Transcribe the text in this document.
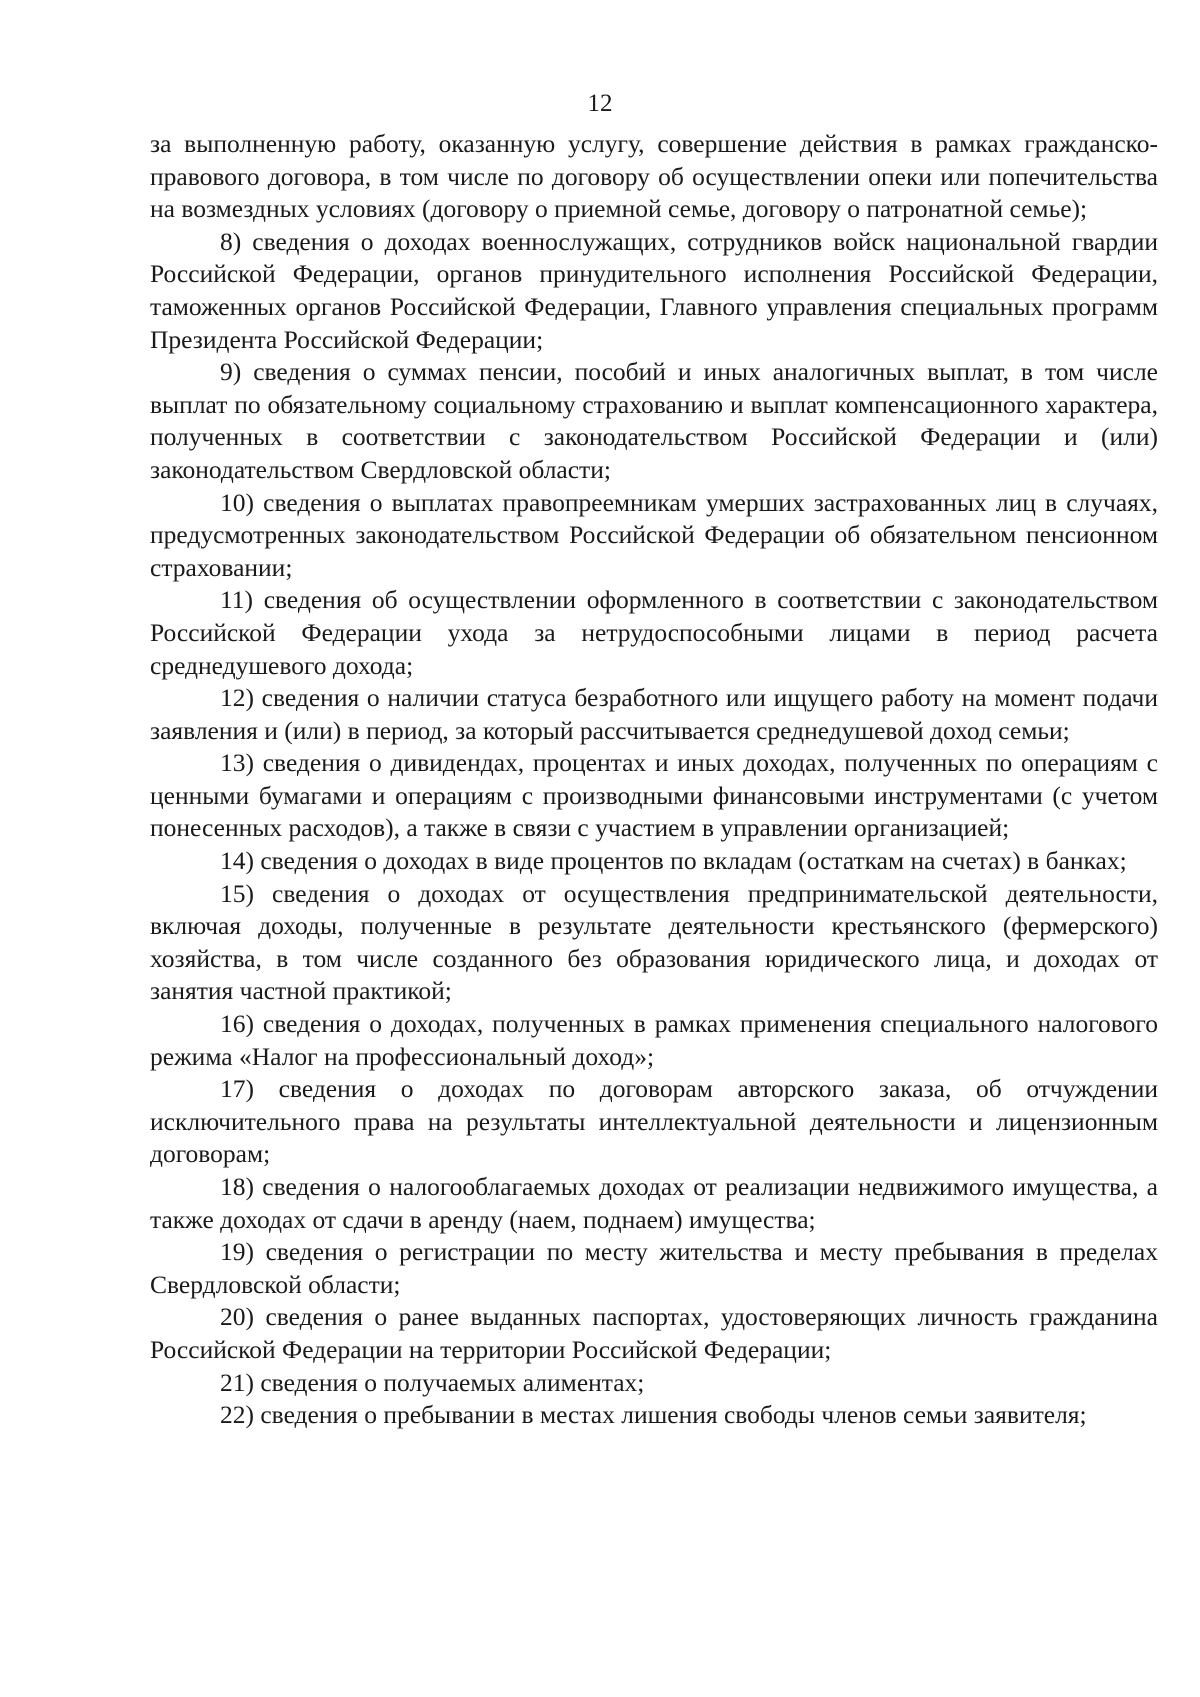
12

за выполненную работу, оказанную услугу, совершение действия в рамках гражданско-правового договора, в том числе по договору об осуществлении опеки или попечительства на возмездных условиях (договору о приемной семье, договору о патронатной семье);

8) сведения о доходах военнослужащих, сотрудников войск национальной гвардии Российской Федерации, органов принудительного исполнения Российской Федерации, таможенных органов Российской Федерации, Главного управления специальных программ Президента Российской Федерации;

9) сведения о суммах пенсии, пособий и иных аналогичных выплат, в том числе выплат по обязательному социальному страхованию и выплат компенсационного характера, полученных в соответствии с законодательством Российской Федерации и (или) законодательством Свердловской области;

10) сведения о выплатах правопреемникам умерших застрахованных лиц в случаях, предусмотренных законодательством Российской Федерации об обязательном пенсионном страховании;

11) сведения об осуществлении оформленного в соответствии с законодательством Российской Федерации ухода за нетрудоспособными лицами в период расчета среднедушевого дохода;

12) сведения о наличии статуса безработного или ищущего работу на момент подачи заявления и (или) в период, за который рассчитывается среднедушевой доход семьи;

13) сведения о дивидендах, процентах и иных доходах, полученных по операциям с ценными бумагами и операциям с производными финансовыми инструментами (с учетом понесенных расходов), а также в связи с участием в управлении организацией;

14) сведения о доходах в виде процентов по вкладам (остаткам на счетах) в банках;

15) сведения о доходах от осуществления предпринимательской деятельности, включая доходы, полученные в результате деятельности крестьянского (фермерского) хозяйства, в том числе созданного без образования юридического лица, и доходах от занятия частной практикой;

16) сведения о доходах, полученных в рамках применения специального налогового режима «Налог на профессиональный доход»;

17) сведения о доходах по договорам авторского заказа, об отчуждении исключительного права на результаты интеллектуальной деятельности и лицензионным договорам;

18) сведения о налогооблагаемых доходах от реализации недвижимого имущества, а также доходах от сдачи в аренду (наем, поднаем) имущества;

19) сведения о регистрации по месту жительства и месту пребывания в пределах Свердловской области;

20) сведения о ранее выданных паспортах, удостоверяющих личность гражданина Российской Федерации на территории Российской Федерации;

21) сведения о получаемых алиментах;

22) сведения о пребывании в местах лишения свободы членов семьи заявителя;
